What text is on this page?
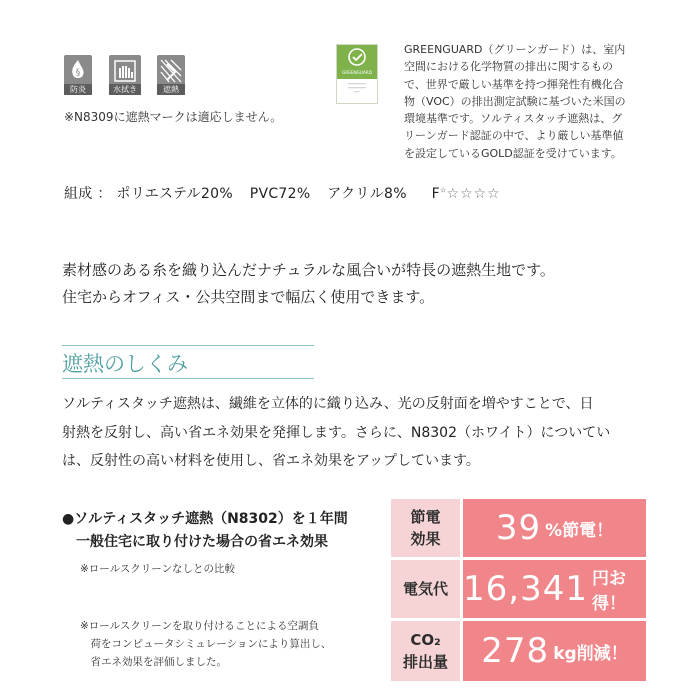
§
防炎	水拭き	遮熱
※N8309に遮熱マークは適応しません。
GREENGUARD
━━━━━━━━━━
━━━━━━━━━━
━━━
GREENGUARD（グリーンガード）は、室内
空間における化学物質の排出に関するもの
で、世界で厳しい基準を持つ揮発性有機化合
物（VOC）の排出測定試験に基づいた米国の
環境基準です。ソルティスタッチ遮熱は、グ
リーンガード認証の中で、より厳しい基準値
を設定しているGOLD認証を受けています。
組成 ： ポリエステル20% PVC72% アクリル8% F☆☆☆☆☆
素材感のある糸を織り込んだナチュラルな風合いが特長の遮熱生地です。
住宅からオフィス・公共空間まで幅広く使用できます。
遮熱のしくみ
ソルティスタッチ遮熱は、繊維を立体的に織り込み、光の反射面を増やすことで、日
射熱を反射し、高い省エネ効果を発揮します。さらに、N8302（ホワイト）についてい
は、反射性の高い材料を使用し、省エネ効果をアップしています。
●ソルティスタッチ遮熱（N8302）を１年間
　一般住宅に取り付けた場合の省エネ効果
※ロールスクリーンなしとの比較
※ロールスクリーンを取り付けることによる空調負
　荷をコンピュータシミュレーションにより算出し、
　省エネ効果を評価しました。
節電
効果	39 %節電！
電気代 16,341 円お得！
CO₂
排出量 278 kg削減！
